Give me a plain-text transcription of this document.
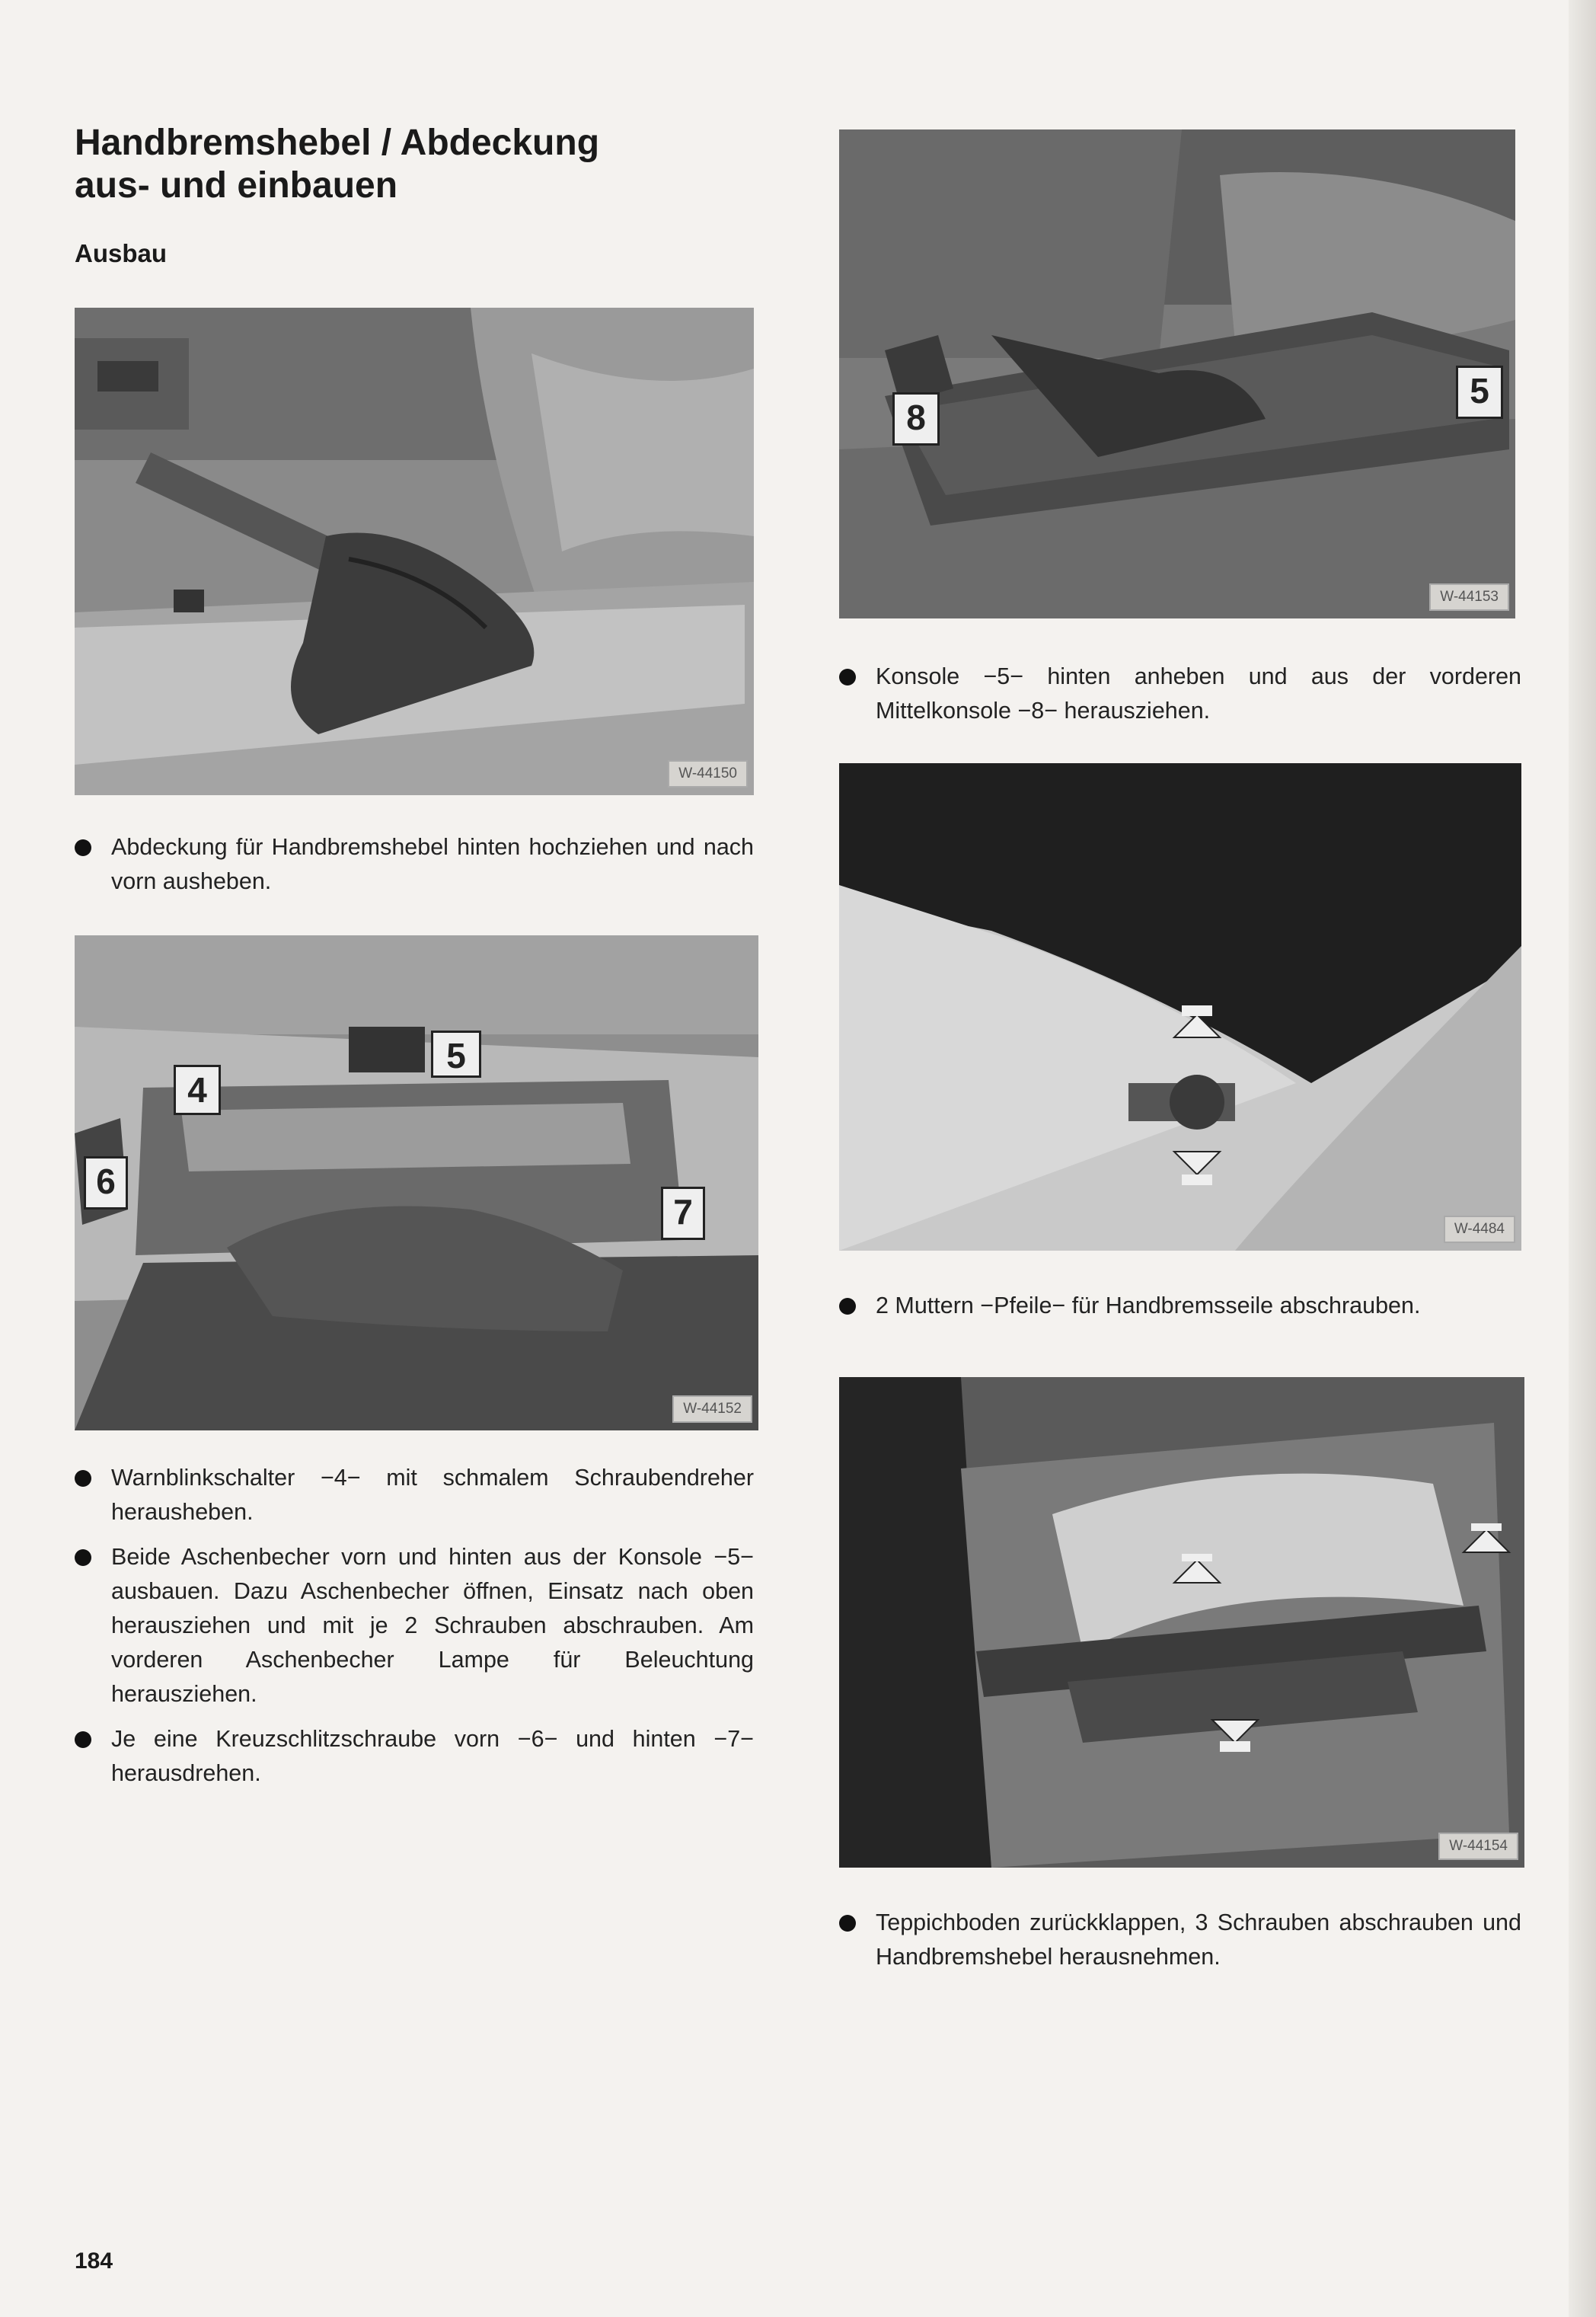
Handbremshebel / Abdeckung
aus- und einbauen
Ausbau
W-44150
8
5
W-44153
4
5
6
7
W-44152
W-4484
W-44154
Abdeckung für Handbremshebel hinten hochziehen und nach vorn ausheben.
Warnblinkschalter −4− mit schmalem Schraubendreher herausheben.
Beide Aschenbecher vorn und hinten aus der Konsole −5− ausbauen. Dazu Aschenbecher öffnen, Einsatz nach oben herausziehen und mit je 2 Schrauben abschrauben. Am vorderen Aschenbecher Lampe für Beleuchtung herausziehen.
Je eine Kreuzschlitzschraube vorn −6− und hinten −7− herausdrehen.
Konsole −5− hinten anheben und aus der vorderen Mittelkonsole −8− herausziehen.
2 Muttern −Pfeile− für Handbremsseile abschrauben.
Teppichboden zurückklappen, 3 Schrauben abschrauben und Handbremshebel herausnehmen.
184
